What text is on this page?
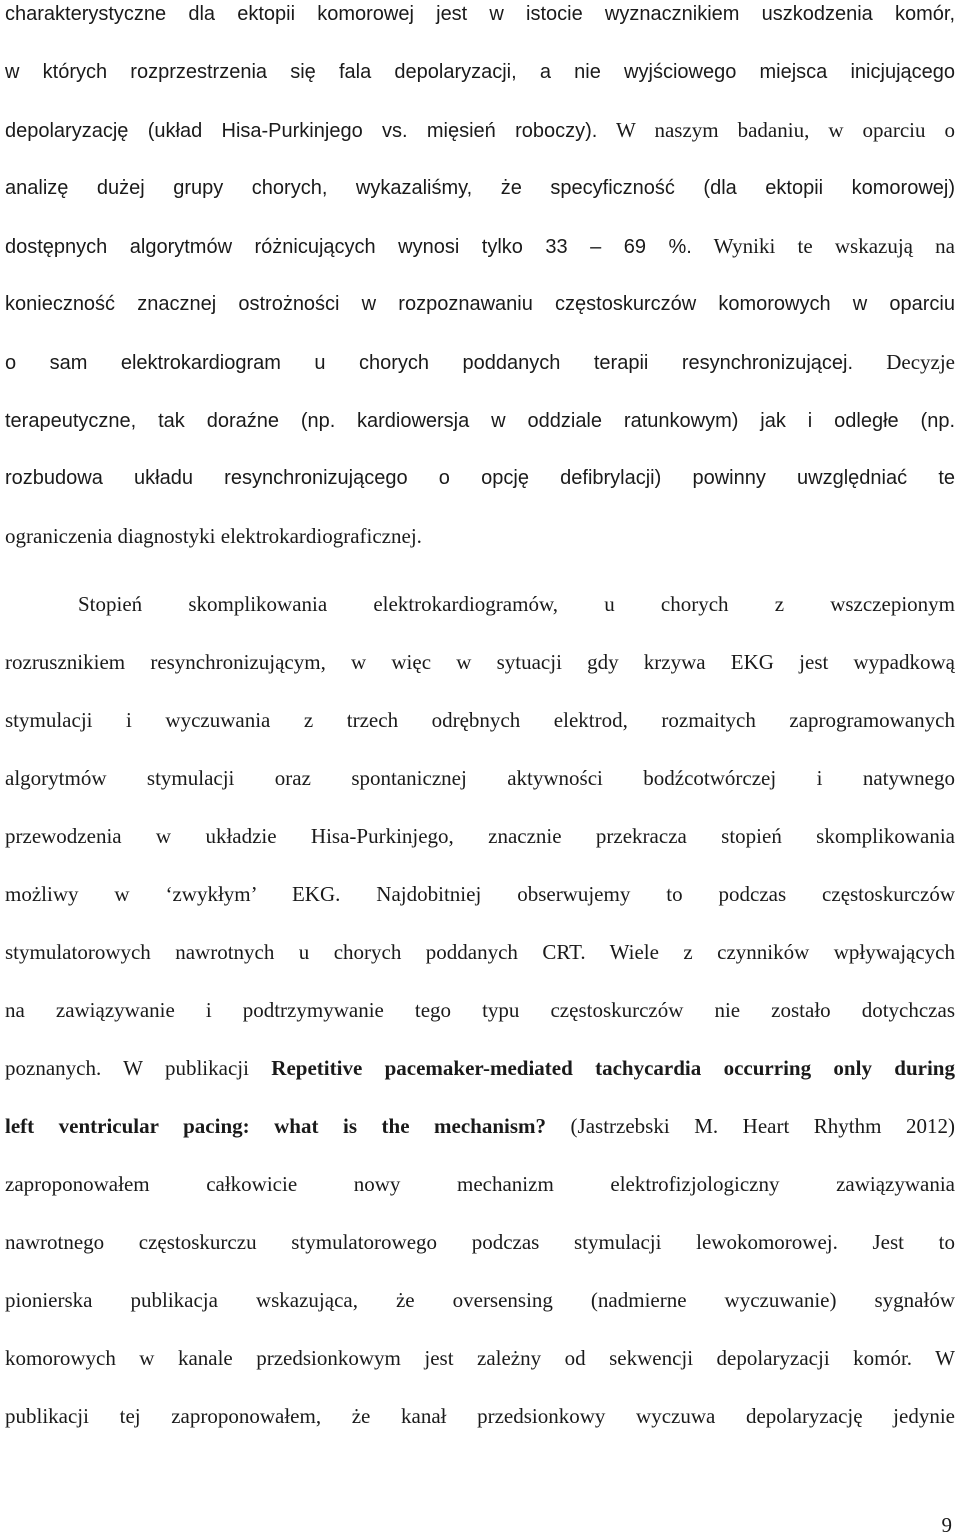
charakterystyczne dla ektopii komorowej jest w istocie wyznacznikiem uszkodzenia komór,
w których rozprzestrzenia się fala depolaryzacji, a nie wyjściowego miejsca inicjującego
depolaryzację (układ Hisa-Purkinjego vs. mięsień roboczy). W naszym badaniu, w oparciu o
analizę dużej grupy chorych, wykazaliśmy, że specyficzność (dla ektopii komorowej)
dostępnych algorytmów różnicujących wynosi tylko 33 – 69 %. Wyniki te wskazują na
konieczność znacznej ostrożności w rozpoznawaniu częstoskurczów komorowych w oparciu
o sam elektrokardiogram u chorych poddanych terapii resynchronizującej. Decyzje
terapeutyczne, tak doraźne (np. kardiowersja w oddziale ratunkowym) jak i odległe (np.
rozbudowa układu resynchronizującego o opcję defibrylacji) powinny uwzględniać te
ograniczenia diagnostyki elektrokardiograficznej.
Stopień skomplikowania elektrokardiogramów, u chorych z wszczepionym
rozrusznikiem resynchronizującym, w więc w sytuacji gdy krzywa EKG jest wypadkową
stymulacji i wyczuwania z trzech odrębnych elektrod, rozmaitych zaprogramowanych
algorytmów stymulacji oraz spontanicznej aktywności bodźcotwórczej i natywnego
przewodzenia w układzie Hisa-Purkinjego, znacznie przekracza stopień skomplikowania
możliwy w ‘zwykłym’ EKG. Najdobitniej obserwujemy to podczas częstoskurczów
stymulatorowych nawrotnych u chorych poddanych CRT. Wiele z czynników wpływających
na zawiązywanie i podtrzymywanie tego typu częstoskurczów nie zostało dotychczas
poznanych. W publikacji Repetitive pacemaker-mediated tachycardia occurring only during
left ventricular pacing: what is the mechanism? (Jastrzebski M. Heart Rhythm 2012)
zaproponowałem całkowicie nowy mechanizm elektrofizjologiczny zawiązywania
nawrotnego częstoskurczu stymulatorowego podczas stymulacji lewokomorowej. Jest to
pionierska publikacja wskazująca, że oversensing (nadmierne wyczuwanie) sygnałów
komorowych w kanale przedsionkowym jest zależny od sekwencji depolaryzacji komór. W
publikacji tej zaproponowałem, że kanał przedsionkowy wyczuwa depolaryzację jedynie
9
